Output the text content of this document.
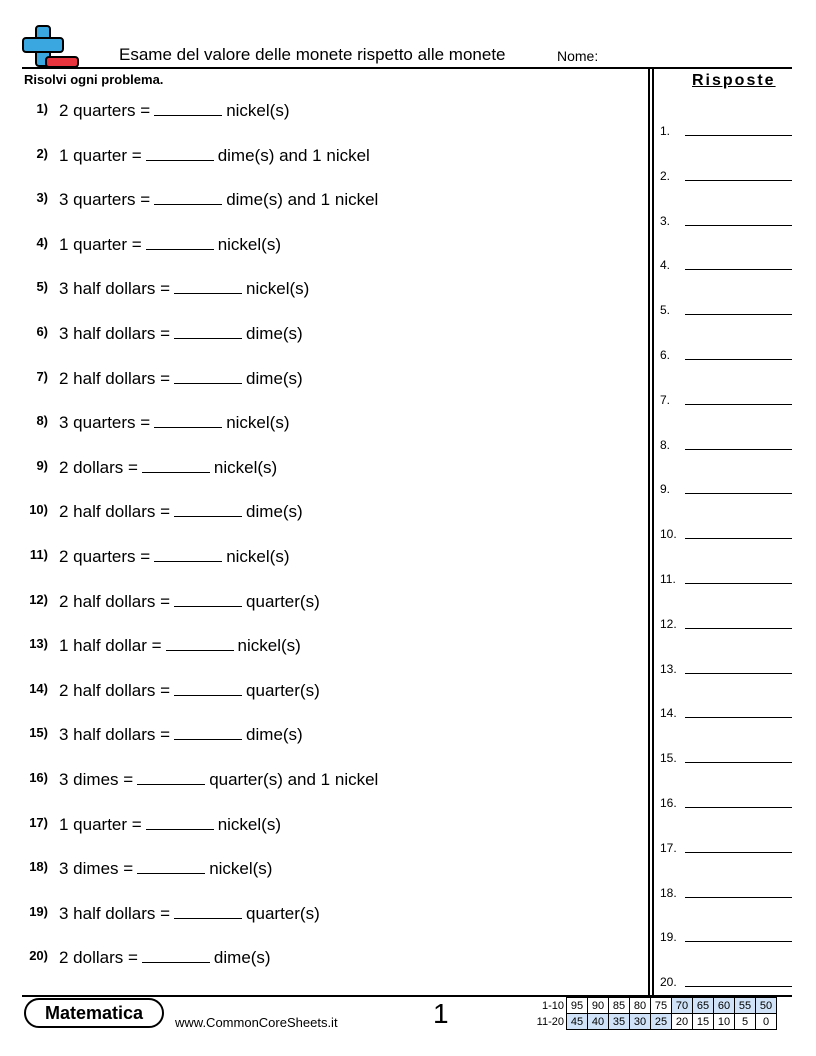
Esame del valore delle monete rispetto alle monete	Nome:
Risolvi ogni problema.	Risposte
1) 2 quarters =	nickel(s)
2) 1 quarter =	dime(s) and 1 nickel
3) 3 quarters =	dime(s) and 1 nickel
4) 1 quarter =	nickel(s)
5) 3 half dollars =	nickel(s)
6) 3 half dollars =	dime(s)
7) 2 half dollars =	dime(s)
8) 3 quarters =	nickel(s)
9) 2 dollars =	nickel(s)
10) 2 half dollars =	dime(s)
11) 2 quarters =	nickel(s)
12) 2 half dollars =	quarter(s)
13) 1 half dollar =	nickel(s)
14) 2 half dollars =	quarter(s)
15) 3 half dollars =	dime(s)
16) 3 dimes =	quarter(s) and 1 nickel
17) 1 quarter =	nickel(s)
18) 3 dimes =	nickel(s)
19) 3 half dollars =	quarter(s)
20) 2 dollars =	dime(s)
1.
2.
3.
4.
5.
6.
7.
8.
9.
10.
11.
12.
13.
14.
15.
16.
17.
18.
19.
20.
Matematica	www.CommonCoreSheets.it	1	1-10	95	90	85	80	75	70	65	60	55	50
11-20	45	40	35	30	25	20	15	10	5	0
